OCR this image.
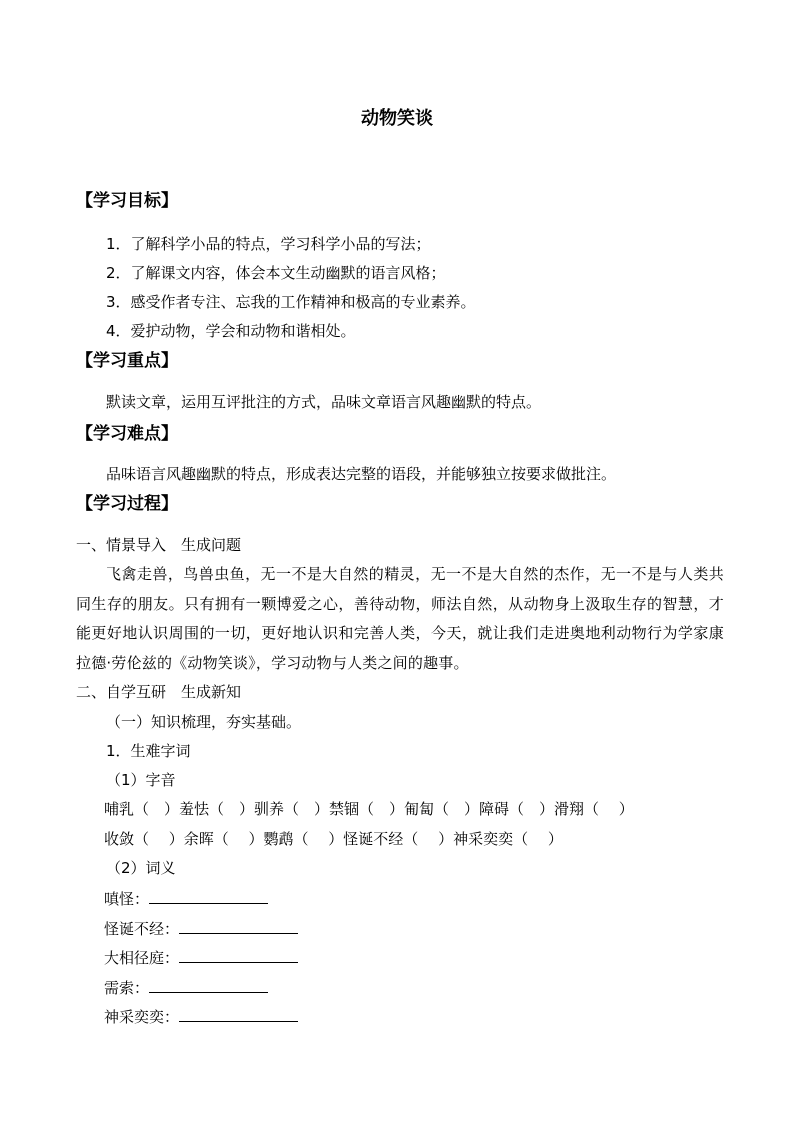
动物笑谈
【学习目标】
1．了解科学小品的特点，学习科学小品的写法；
2．了解课文内容，体会本文生动幽默的语言风格；
3．感受作者专注、忘我的工作精神和极高的专业素养。
4．爱护动物，学会和动物和谐相处。
【学习重点】
默读文章，运用互评批注的方式，品味文章语言风趣幽默的特点。
【学习难点】
品味语言风趣幽默的特点，形成表达完整的语段，并能够独立按要求做批注。
【学习过程】
一、情景导入　生成问题
飞禽走兽，鸟兽虫鱼，无一不是大自然的精灵，无一不是大自然的杰作，无一不是与人类共同生存的朋友。只有拥有一颗博爱之心，善待动物，师法自然，从动物身上汲取生存的智慧，才能更好地认识周围的一切，更好地认识和完善人类，今天，就让我们走进奥地利动物行为学家康拉德·劳伦兹的《动物笑谈》，学习动物与人类之间的趣事。
二、自学互研　生成新知
（一）知识梳理，夯实基础。
1．生难字词
（1）字音
哺乳（　）羞怯（　）驯养（　）禁锢（　）匍匐（　）障碍（　）滑翔（　 ）
收敛（　 ）余晖（　 ）鹦鹉（　 ）怪诞不经（　 ）神采奕奕（　 ）
（2）词义
嗔怪：
怪诞不经：
大相径庭：
需索：
神采奕奕：
